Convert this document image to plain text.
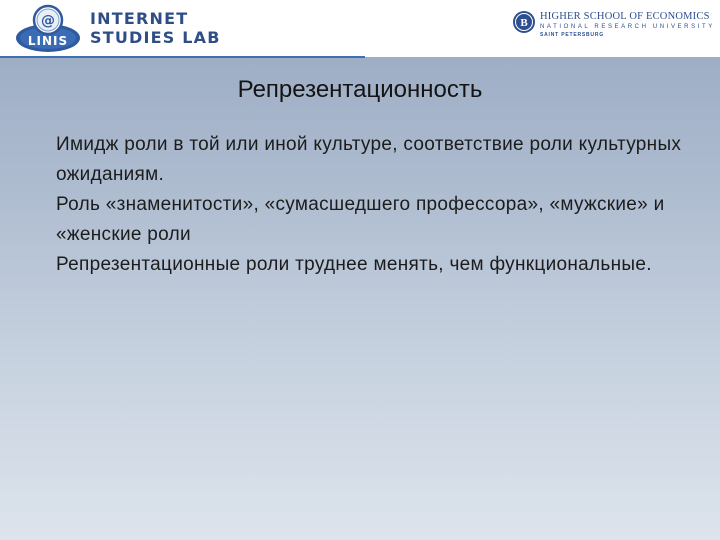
@
LINIS
INTERNET
STUDIES LAB
B
HIGHER SCHOOL OF ECONOMICS
NATIONAL RESEARCH UNIVERSITY
SAINT PETERSBURG
Репрезентационность

Имидж роли в той или иной культуре, соответствие роли культурных ожиданиям.

Роль «знаменитости», «сумасшедшего профессора», «мужские» и «женские роли

Репрезентационные роли труднее менять, чем функциональные.
